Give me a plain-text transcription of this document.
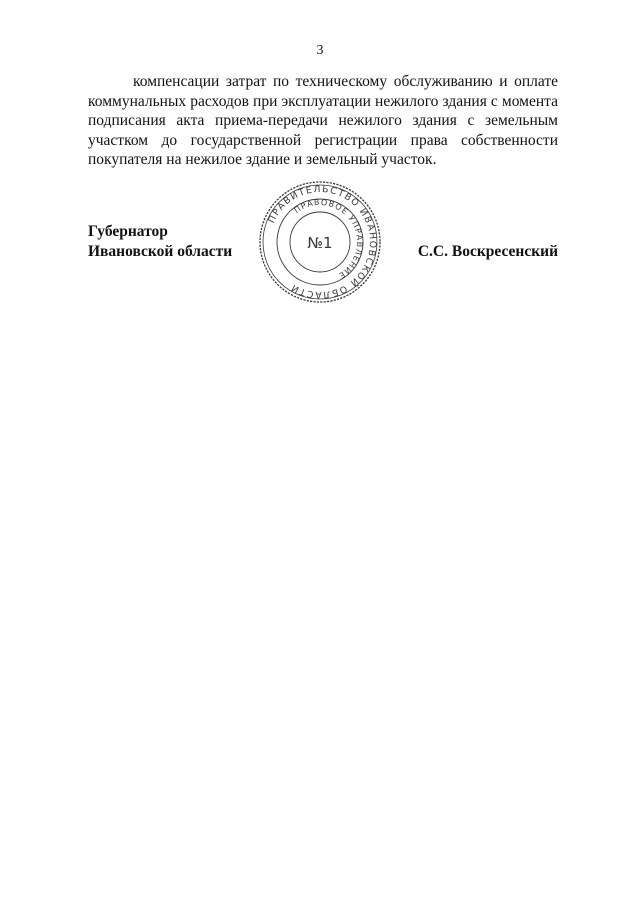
3
компенсации затрат по техническому обслуживанию и оплате
коммунальных расходов при эксплуатации нежилого здания с момента
подписания акта приема-передачи нежилого здания с земельным
участком до государственной регистрации права собственности
покупателя на нежилое здание и земельный участок.
Губернатор
Ивановской области	С.С. Воскресенский
ПРАВИТЕЛЬСТВО ИВАНОВСКОЙ ОБЛАСТИ
ПРАВОВОЕ УПРАВЛЕНИЕ
№1
